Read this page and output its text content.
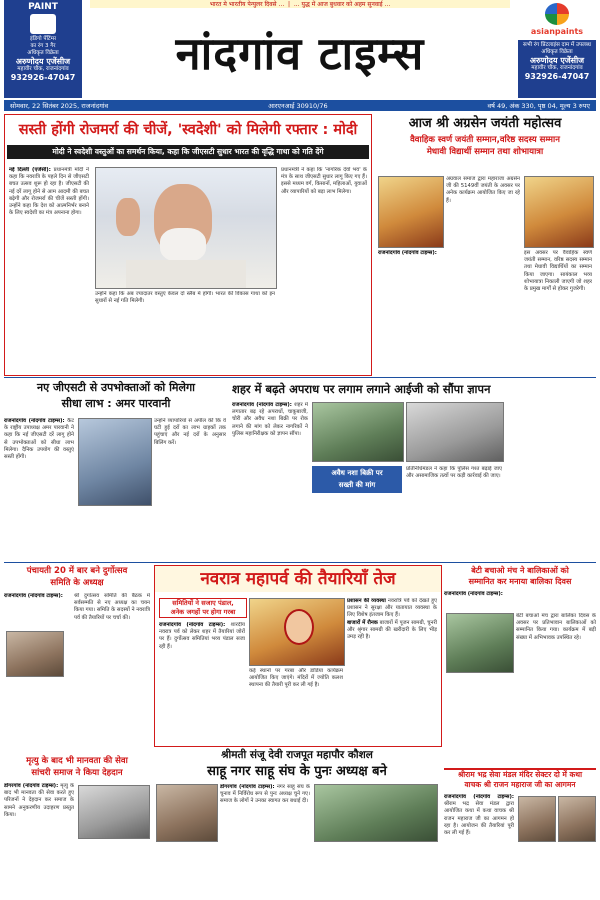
भारत मे भारतीय पेन्युलर दिवसे ...  |  ... युद्ध में आज बुधवार को अहम सुनवाई ...
PAINT
इंडिगो पेंटिंग्स
का रंग 3 गैर
अधिकृत विक्रेता
अरुणोदय एजेंसीज
महावीर चौक, राजनांदगांव
932926-47047
asianpaints
सभी रंग प्रिंटलाइंस दाम में उपलब्ध
अधिकृत विक्रेता
अरुणोदय एजेंसीज
महावीर चौक, राजनांदगांव
932926-47047
नांदगांव टाइम्स
सोमवार, 22 सितंबर 2025, राजनांदगांव	आरएनआई 30910/76	वर्ष 49, अंक 330, पृष्ठ 04, मूल्य 3 रुपए
सस्ती होंगी रोजमर्रा की चीजें, 'स्वदेशी' को मिलेगी रफ्तार : मोदी
मोदी ने स्वदेशी वस्तुओं का समर्थन किया, कहा कि जीएसटी सुधार भारत की वृद्धि गाथा को गति देंगे
नई दिल्ली (एजेंसी): प्रधानमंत्री मोदी ने कहा कि नवरात्रि के पहले दिन से जीएसटी बचत उत्सव शुरू हो रहा है। जीएसटी की नई दरें लागू होने से आम आदमी की बचत बढ़ेगी और रोजमर्रा की चीजें सस्ती होंगी। उन्होंने कहा कि देश को आत्मनिर्भर बनाने के लिए स्वदेशी का मंत्र अपनाना होगा।
प्रधानमंत्री ने कहा कि 'नागरिक देवो भव' के मंत्र के साथ जीएसटी सुधार लागू किए गए हैं। इससे मध्यम वर्ग, किसानों, महिलाओं, युवाओं और व्यापारियों को बड़ा लाभ मिलेगा।
उन्होंने कहा कि अब ज्यादातर वस्तुएं केवल दो स्लैब में होंगी। भारत की विकास गाथा को इन सुधारों से नई गति मिलेगी।
आज श्री अग्रसेन जयंती महोत्सव
वैवाहिक स्वर्ण जयंती सम्मान,वरिष्ठ सदस्य सम्मान
मेधावी विद्यार्थी सम्मान तथा शोभायात्रा
अग्रवाल समाज द्वारा महाराजा अग्रसेन जी की 5149वीं जयंती के अवसर पर अनेक कार्यक्रम आयोजित किए जा रहे हैं।
राजनांदगांव (नांदगांव टाइम्स):	इस अवसर पर वैवाहिक स्वर्ण जयंती सम्मान, वरिष्ठ सदस्य सम्मान तथा मेधावी विद्यार्थियों का सम्मान किया जाएगा। सायंकाल भव्य शोभायात्रा निकाली जाएगी जो शहर के प्रमुख मार्गों से होकर गुजरेगी।
नए जीएसटी से उपभोक्ताओं को मिलेगा
सीधा लाभ : अमर पारवानी
राजनांदगांव (नांदगांव टाइम्स): कैट के राष्ट्रीय उपाध्यक्ष अमर पारवानी ने कहा कि नई जीएसटी दरें लागू होने से उपभोक्ताओं को सीधा लाभ मिलेगा। दैनिक उपयोग की वस्तुएं सस्ती होंगी।
उन्होंने व्यापारियों से अपील की कि वे घटी हुई दरों का लाभ ग्राहकों तक पहुंचाएं और नई दरों के अनुसार बिलिंग करें।
शहर में बढ़ते अपराध पर लगाम लगाने आईजी को सौंपा ज्ञापन
राजनांदगांव (नांदगांव टाइम्स): शहर में लगातार बढ़ रहे अपराधों, चाकूबाजी, चोरी और अवैध नशा बिक्री पर रोक लगाने की मांग को लेकर नागरिकों ने पुलिस महानिरीक्षक को ज्ञापन सौंपा।
अवैध नशा बिक्री पर
सख्ती की मांग
प्रतिनिधिमंडल ने कहा कि पुलिस गश्त बढ़ाई जाए और असामाजिक तत्वों पर कड़ी कार्रवाई की जाए।
पंचायती 20 में बार बने दुर्गोत्सव
समिति के अध्यक्ष
राजनांदगांव (नांदगांव टाइम्स):	श्री दुर्गोत्सव समिति की बैठक में सर्वसम्मति से नए अध्यक्ष का चयन किया गया। समिति के सदस्यों ने नवरात्रि पर्व की तैयारियों पर चर्चा की।
मृत्यु के बाद भी मानवता की सेवा
सांचरी समाज ने किया देहदान
डोंगरगांव (नांदगांव टाइम्स): मृत्यु के बाद भी मानवता की सेवा करते हुए परिजनों ने देहदान कर समाज के सामने अनुकरणीय उदाहरण प्रस्तुत किया।
नवरात्र महापर्व की तैयारियाँ तेज
समितियों ने सजाए पंडाल,
अनेक जगहों पर होगा गरबा
राजनांदगांव (नांदगांव टाइम्स): शारदीय नवरात्र पर्व को लेकर शहर में तैयारियां जोरों पर हैं। दुर्गोत्सव समितियां भव्य पंडाल सजा रही हैं।
कई स्थानों पर गरबा और डांडिया कार्यक्रम आयोजित किए जाएंगे। मंदिरों में ज्योति कलश स्थापना की तैयारी पूरी कर ली गई है।
प्रशासन की व्यवस्था नवरात्रि पर्व को देखते हुए प्रशासन ने सुरक्षा और यातायात व्यवस्था के लिए विशेष इंतजाम किए हैं।
बाजारों में रौनक बाजारों में पूजन सामग्री, चुनरी और श्रृंगार सामग्री की खरीदारी के लिए भीड़ उमड़ रही है।
बेटी बचाओ मंच ने बालिकाओं को
सम्मानित कर मनाया बालिका दिवस
राजनांदगांव (नांदगांव टाइम्स):
बेटी बचाओ मंच द्वारा बालिका दिवस के अवसर पर प्रतिभावान बालिकाओं को सम्मानित किया गया। कार्यक्रम में बड़ी संख्या में अभिभावक उपस्थित रहे।
श्रीमती संजू देवी राजपूत महापौर कौशल
साहू नगर साहू संघ के पुनः अध्यक्ष बने
डोंगरगांव (नांदगांव टाइम्स): नगर साहू संघ के चुनाव में निर्विरोध रूप से पुनः अध्यक्ष चुने गए। समाज के लोगों ने उनका स्वागत कर बधाई दी।
श्रीराम भद्र सेवा मंडल मंदिर सेक्टर दो में कथा
वाचक श्री राजन महाराज जी का आगमन
राजनांदगांव (नांदगांव टाइम्स): श्रीराम भद्र सेवा मंडल द्वारा आयोजित कथा में कथा वाचक श्री राजन महाराज जी का आगमन हो रहा है। आयोजन की तैयारियां पूरी कर ली गई हैं।
